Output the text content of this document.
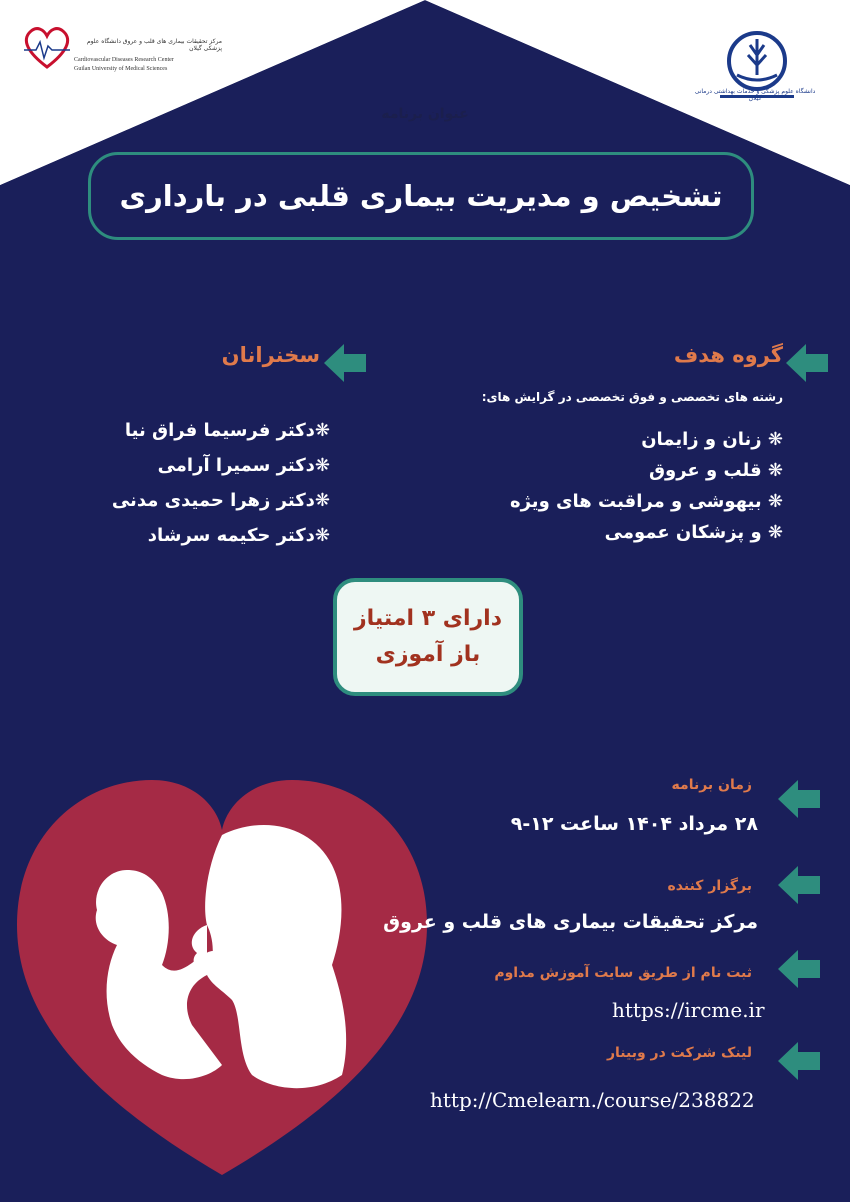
دانشگاه علوم پزشکی و خدمات بهداشتی درمانی گیلان
مرکز تحقیقات بیماری های قلب و عروق دانشگاه علوم پزشکی گیلان
Cardiovascular Diseases Research Center
Guilan University of Medical Sciences
عنوان برنامه
تشخیص و مدیریت بیماری قلبی در بارداری
گروه هدف
رشته های تخصصی و فوق تخصصی در گرایش های:
❋ زنان و زایمان
❋ قلب و عروق
❋ بیهوشی و مراقبت های ویژه
❋ و پزشکان عمومی
سخنرانان
❋دکتر فرسیما فراق نیا
❋دکتر سمیرا آرامی
❋دکتر زهرا حمیدی مدنی
❋دکتر حکیمه سرشاد
دارای ۳ امتیاز
باز آموزی
زمان برنامه
۲۸ مرداد ۱۴۰۴ ساعت ۱۲-۹
برگزار کننده
مرکز تحقیقات بیماری های قلب و عروق
ثبت نام از طریق سایت آموزش مداوم
https://ircme.ir
لینک شرکت در وبینار
http://Cmelearn./course/238822
